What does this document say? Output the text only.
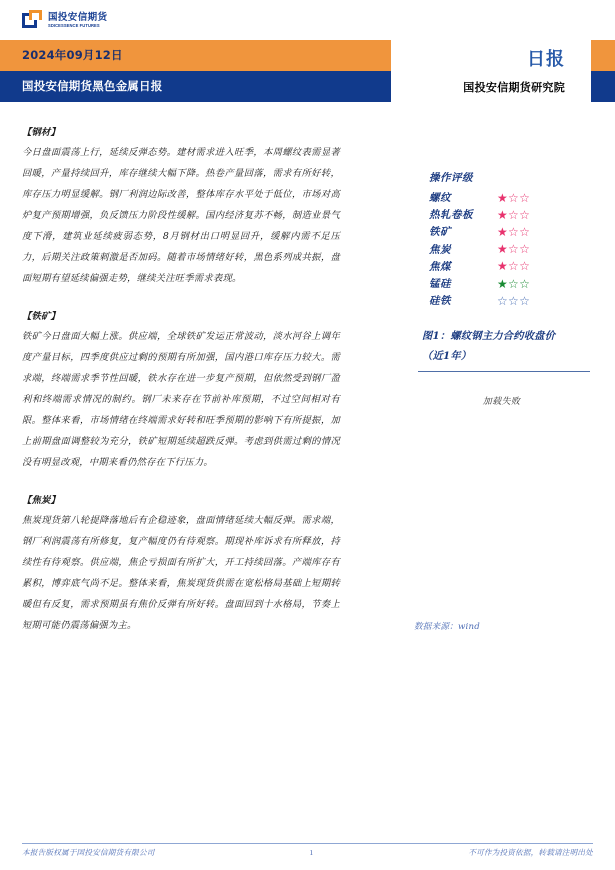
国投安信期货
SDICESSENCE FUTURES
2024年09月12日
国投安信期货黑色金属日报
日报
国投安信期货研究院
【钢材】
今日盘面震荡上行，延续反弹态势。建材需求进入旺季，本周螺纹表需显著回暖，产量持续回升，库存继续大幅下降。热卷产量回落，需求有所好转，库存压力明显缓解。钢厂利润边际改善，整体库存水平处于低位，市场对高炉复产预期增强，负反馈压力阶段性缓解。国内经济复苏不畅，制造业景气度下滑，建筑业延续疲弱态势，8月钢材出口明显回升，缓解内需不足压力，后期关注政策刺激是否加码。随着市场情绪好转，黑色系列成共振，盘面短期有望延续偏强走势，继续关注旺季需求表现。
【铁矿】
铁矿今日盘面大幅上涨。供应端，全球铁矿发运正常波动，淡水河谷上调年度产量目标，四季度供应过剩的预期有所加强，国内港口库存压力较大。需求端，终端需求季节性回暖，铁水存在进一步复产预期，但依然受到钢厂盈利和终端需求情况的制约。钢厂未来存在节前补库预期，不过空间相对有限。整体来看，市场情绪在终端需求好转和旺季预期的影响下有所提振，加上前期盘面调整较为充分，铁矿短期延续超跌反弹。考虑到供需过剩的情况没有明显改观，中期来看仍然存在下行压力。
【焦炭】
焦炭现货第八轮提降落地后有企稳迹象，盘面情绪延续大幅反弹。需求端，钢厂利润震荡有所修复，复产幅度仍有待观察。期现补库诉求有所释放，持续性有待观察。供应端，焦企亏损面有所扩大，开工持续回落。产端库存有累积，博弈底气尚不足。整体来看，焦炭现货供需在宽松格局基础上短期转暖但有反复，需求预期虽有焦价反弹有所好转。盘面回到十水格局，节奏上短期可能仍震荡偏强为主。
操作评级
螺纹	★☆☆
热轧卷板	★☆☆
铁矿	★☆☆
焦炭	★☆☆
焦煤	★☆☆
锰硅	★☆☆
硅铁	☆☆☆
图1：螺纹钢主力合约收盘价
（近1年）
加载失败
数据来源：wind
本报告版权属于国投安信期货有限公司	1	不可作为投资依据，转载请注明出处
